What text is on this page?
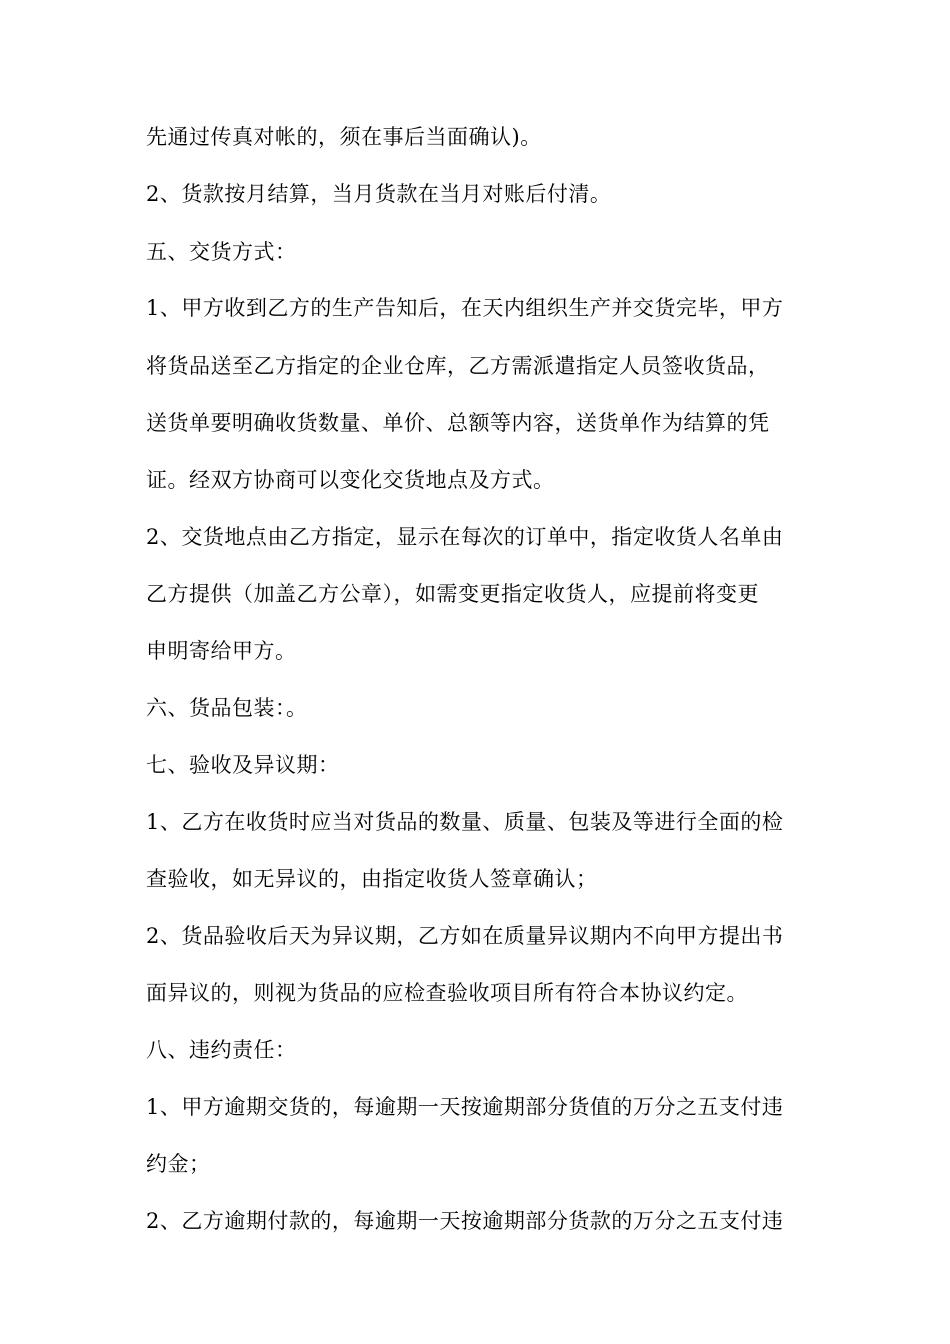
先通过传真对帐的，须在事后当面确认)。
2、货款按月结算，当月货款在当月对账后付清。
五、交货方式：
1、甲方收到乙方的生产告知后，在天内组织生产并交货完毕，甲方
将货品送至乙方指定的企业仓库，乙方需派遣指定人员签收货品，
送货单要明确收货数量、单价、总额等内容，送货单作为结算的凭
证。经双方协商可以变化交货地点及方式。
2、交货地点由乙方指定，显示在每次的订单中，指定收货人名单由
乙方提供（加盖乙方公章），如需变更指定收货人，应提前将变更
申明寄给甲方。
六、货品包装：。
七、验收及异议期：
1、乙方在收货时应当对货品的数量、质量、包装及等进行全面的检
查验收，如无异议的，由指定收货人签章确认；
2、货品验收后天为异议期，乙方如在质量异议期内不向甲方提出书
面异议的，则视为货品的应检查验收项目所有符合本协议约定。
八、违约责任：
1、甲方逾期交货的，每逾期一天按逾期部分货值的万分之五支付违
约金；
2、乙方逾期付款的，每逾期一天按逾期部分货款的万分之五支付违
